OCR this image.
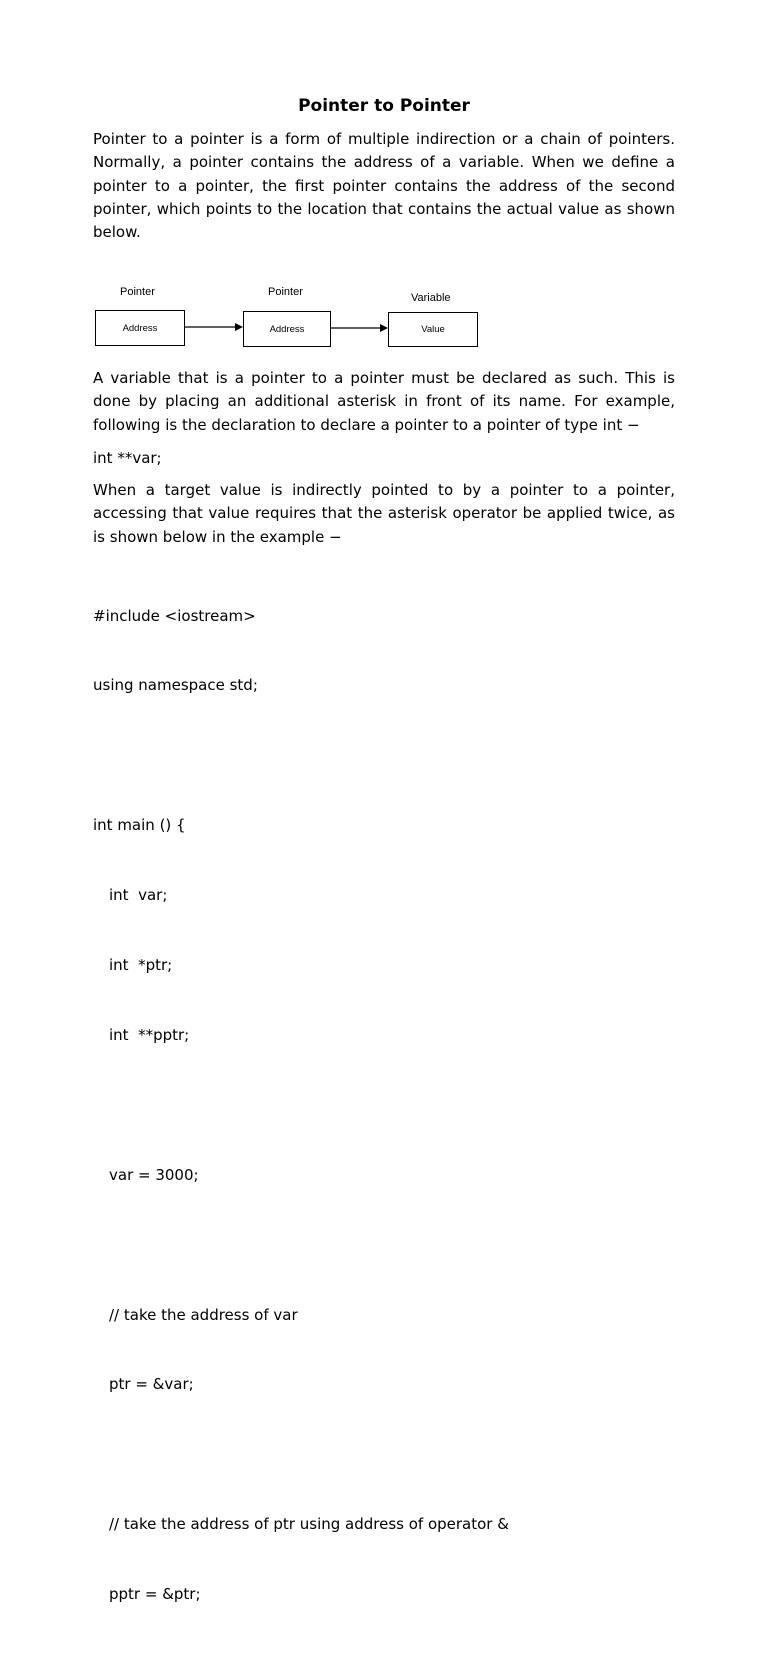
Pointer to Pointer

Pointer to a pointer is a form of multiple indirection or a chain of pointers. Normally, a pointer contains the address of a variable. When we define a pointer to a pointer, the first pointer contains the address of the second pointer, which points to the location that contains the actual value as shown below.

A variable that is a pointer to a pointer must be declared as such. This is done by placing an additional asterisk in front of its name. For example, following is the declaration to declare a pointer to a pointer of type int −

int **var;

When a target value is indirectly pointed to by a pointer to a pointer, accessing that value requires that the asterisk operator be applied twice, as is shown below in the example −

#include <iostream>

using namespace std;

int main () {

int  var;

int  *ptr;

int  **pptr;

var = 3000;

// take the address of var

ptr = &var;

// take the address of ptr using address of operator &

pptr = &ptr;

Pointer	Pointer	Variable
Address	Address	Value
